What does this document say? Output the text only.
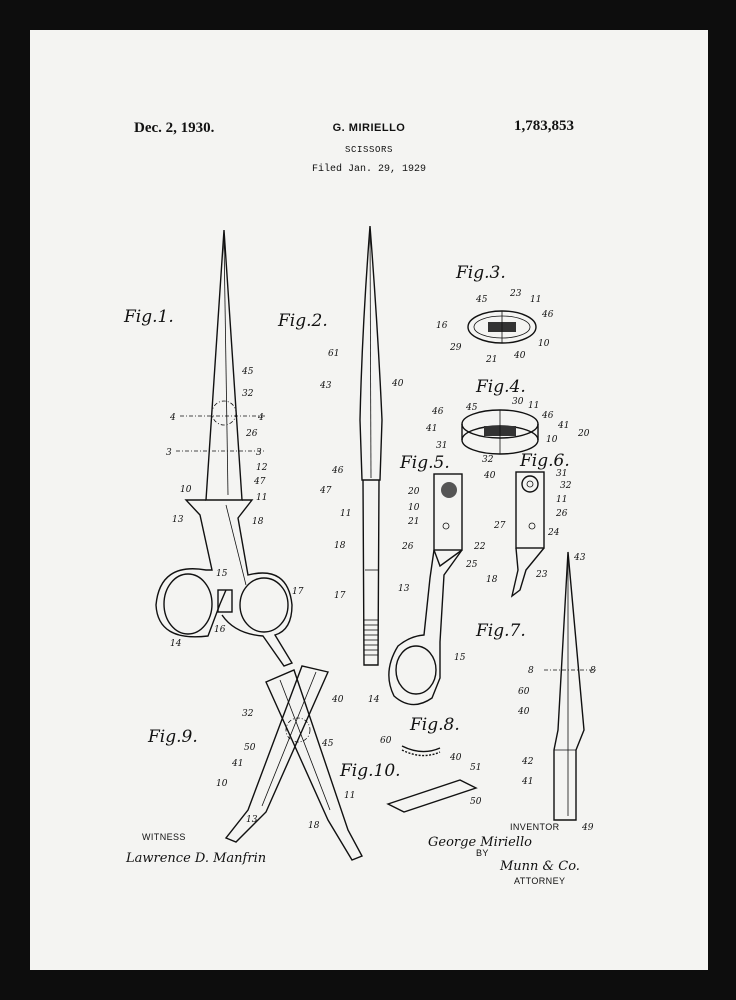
Dec. 2, 1930.	G. MIRIELLO	1,783,853
SCISSORS
Filed Jan. 29, 1929
Fig.1.
45
32
4	4
26
3	3
12
47
10
11
13	18
15
17
16
14
Fig.2.
61
43	40
46
47
11
18
17
Fig.3.
23
45	11
16
46
29
21 40
10
Fig.4.
30
45	11
46	46
41	41
20
10
31
32
40
Fig.5.
20
10
21
26	22
25
13
15
14
Fig.6.
31
32
11
26
27
24
23
18
43
Fig.7.
8	8
60
40
42
41
49
Fig.8.
60
40
Fig.9.
32
40
50	45
41
10
11
13
18
Fig.10.	51
50
WITNESS
Lawrence D. Manfrin
INVENTOR
George Miriello
BY
Munn & Co.
ATTORNEY
